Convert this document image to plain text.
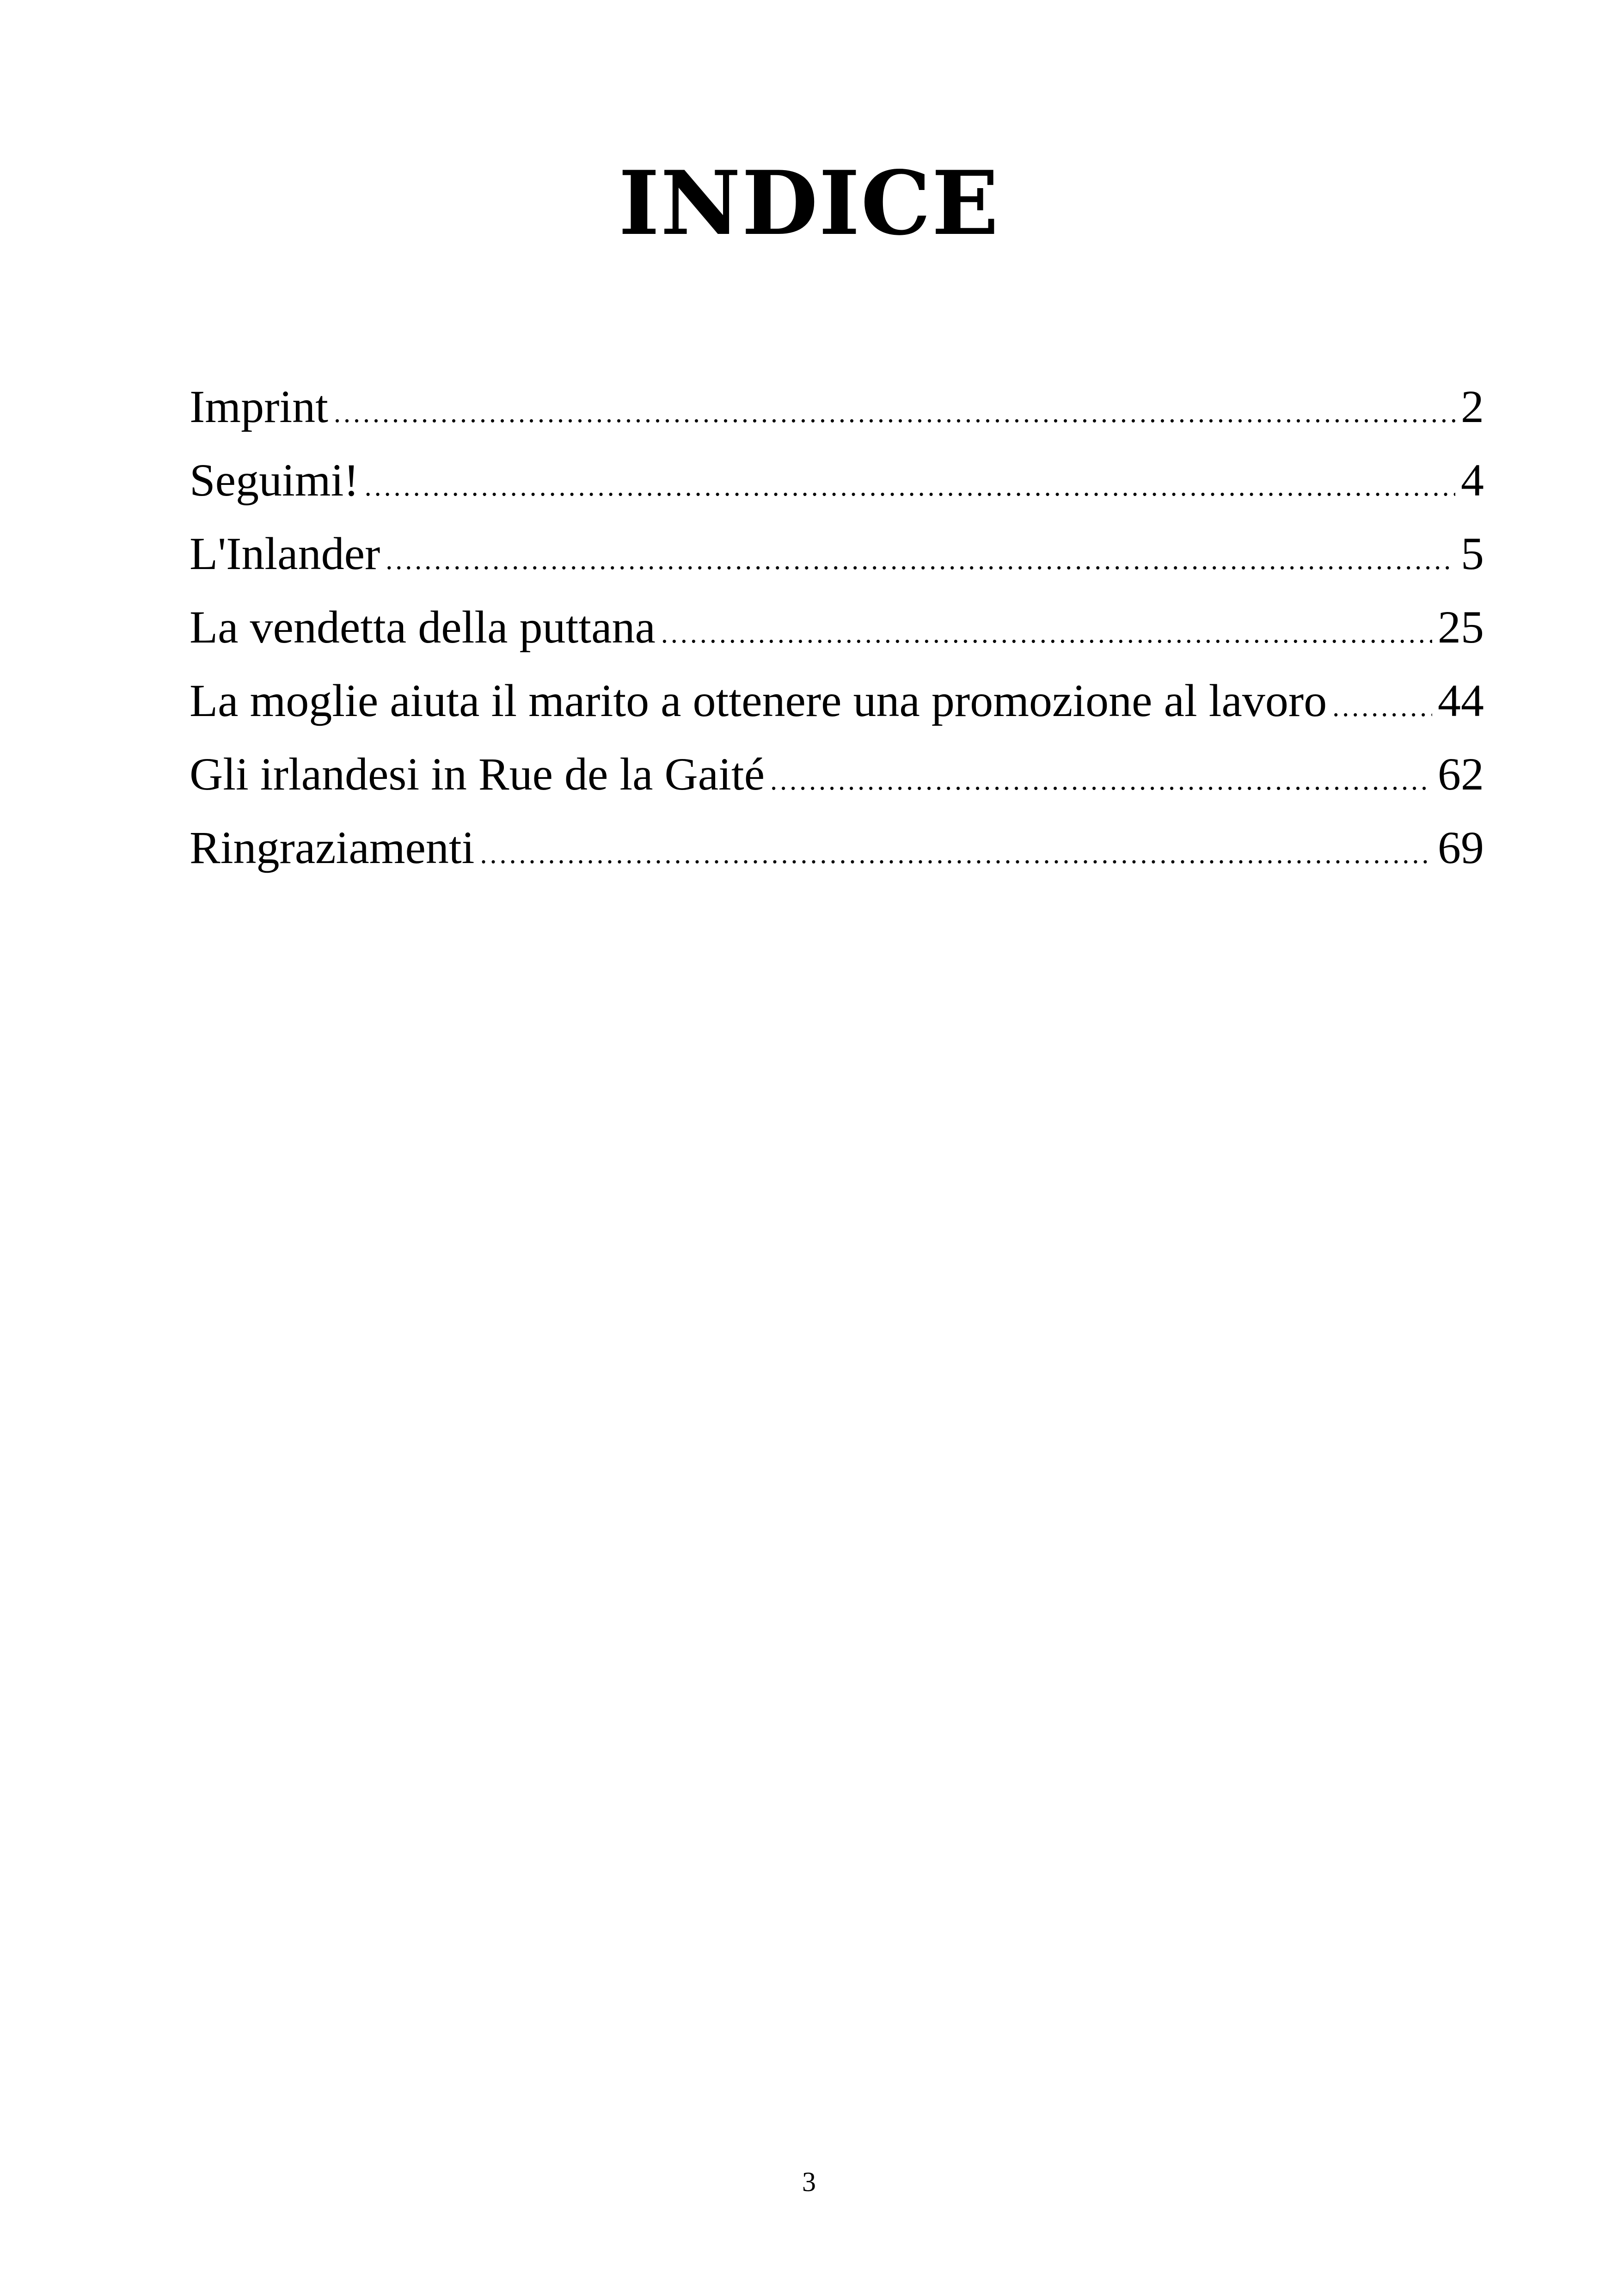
INDICE
Imprint .....	2
Seguimi! .....	4
L'Inlander .....	5
La vendetta della puttana .....	25
La moglie aiuta il marito a ottenere una promozione al lavoro ..... 44
Gli irlandesi in Rue de la Gaité .....	62
Ringraziamenti .....	69
3
